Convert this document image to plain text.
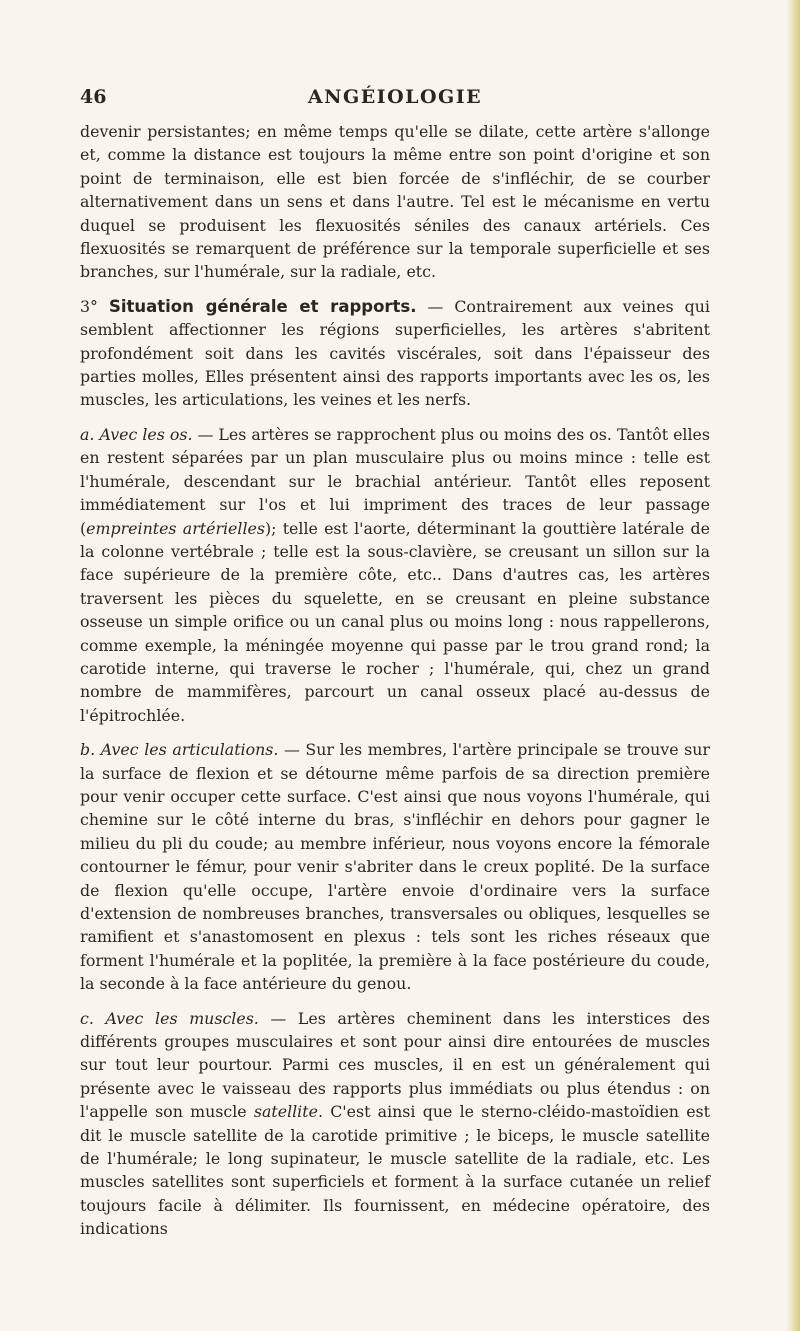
46	ANGÉIOLOGIE

devenir persistantes; en même temps qu'elle se dilate, cette artère s'allonge et, comme la distance est toujours la même entre son point d'origine et son point de terminaison, elle est bien forcée de s'infléchir, de se courber alternativement dans un sens et dans l'autre. Tel est le mécanisme en vertu duquel se produisent les flexuosités séniles des canaux artériels. Ces flexuosités se remarquent de préférence sur la temporale superficielle et ses branches, sur l'humérale, sur la radiale, etc.

3° Situation générale et rapports. — Contrairement aux veines qui semblent affectionner les régions superficielles, les artères s'abritent profondément soit dans les cavités viscérales, soit dans l'épaisseur des parties molles, Elles présentent ainsi des rapports importants avec les os, les muscles, les articulations, les veines et les nerfs.

a. Avec les os. — Les artères se rapprochent plus ou moins des os. Tantôt elles en restent séparées par un plan musculaire plus ou moins mince : telle est l'humérale, descendant sur le brachial antérieur. Tantôt elles reposent immédiatement sur l'os et lui impriment des traces de leur passage (empreintes artérielles); telle est l'aorte, déterminant la gouttière latérale de la colonne vertébrale ; telle est la sous-clavière, se creusant un sillon sur la face supérieure de la première côte, etc.. Dans d'autres cas, les artères traversent les pièces du squelette, en se creusant en pleine substance osseuse un simple orifice ou un canal plus ou moins long : nous rappellerons, comme exemple, la méningée moyenne qui passe par le trou grand rond; la carotide interne, qui traverse le rocher ; l'humérale, qui, chez un grand nombre de mammifères, parcourt un canal osseux placé au-dessus de l'épitrochlée.

b. Avec les articulations. — Sur les membres, l'artère principale se trouve sur la surface de flexion et se détourne même parfois de sa direction première pour venir occuper cette surface. C'est ainsi que nous voyons l'humérale, qui chemine sur le côté interne du bras, s'infléchir en dehors pour gagner le milieu du pli du coude; au membre inférieur, nous voyons encore la fémorale contourner le fémur, pour venir s'abriter dans le creux poplité. De la surface de flexion qu'elle occupe, l'artère envoie d'ordinaire vers la surface d'extension de nombreuses branches, transversales ou obliques, lesquelles se ramifient et s'anastomosent en plexus : tels sont les riches réseaux que forment l'humérale et la poplitée, la première à la face postérieure du coude, la seconde à la face antérieure du genou.

c. Avec les muscles. — Les artères cheminent dans les interstices des différents groupes musculaires et sont pour ainsi dire entourées de muscles sur tout leur pourtour. Parmi ces muscles, il en est un généralement qui présente avec le vaisseau des rapports plus immédiats ou plus étendus : on l'appelle son muscle satellite. C'est ainsi que le sterno-cléido-mastoïdien est dit le muscle satellite de la carotide primitive ; le biceps, le muscle satellite de l'humérale; le long supinateur, le muscle satellite de la radiale, etc. Les muscles satellites sont superficiels et forment à la surface cutanée un relief toujours facile à délimiter. Ils fournissent, en médecine opératoire, des indications
